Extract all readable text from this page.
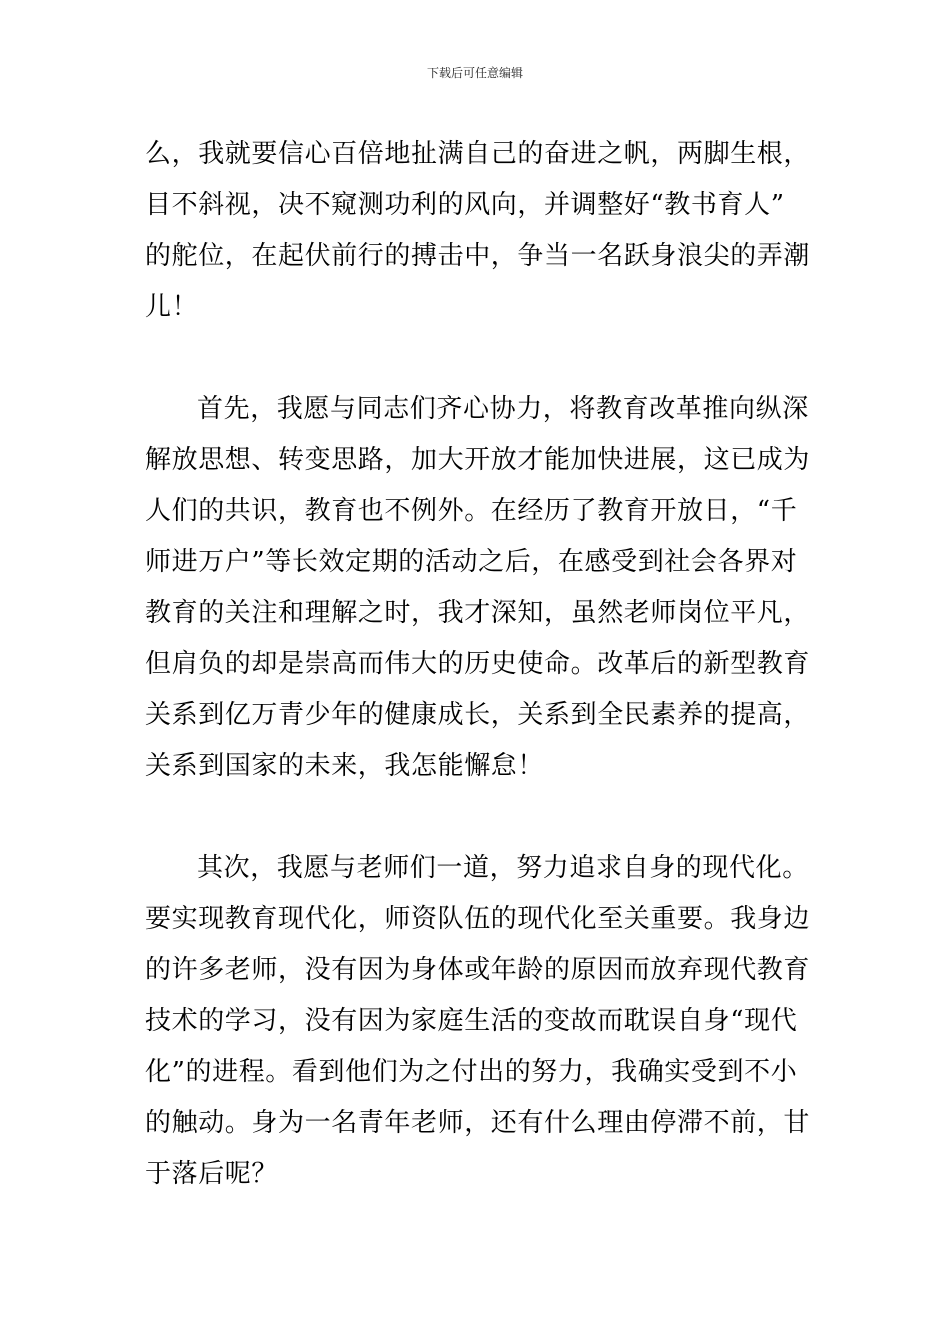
下载后可任意编辑
么，我就要信心百倍地扯满自己的奋进之帆，两脚生根，
目不斜视，决不窥测功利的风向，并调整好“教书育人”
的舵位，在起伏前行的搏击中，争当一名跃身浪尖的弄潮
儿！
首先，我愿与同志们齐心协力，将教育改革推向纵深
解放思想、转变思路，加大开放才能加快进展，这已成为
人们的共识，教育也不例外。在经历了教育开放日，“千
师进万户”等长效定期的活动之后，在感受到社会各界对
教育的关注和理解之时，我才深知，虽然老师岗位平凡，
但肩负的却是崇高而伟大的历史使命。改革后的新型教育
关系到亿万青少年的健康成长，关系到全民素养的提高，
关系到国家的未来，我怎能懈怠！
其次，我愿与老师们一道，努力追求自身的现代化。
要实现教育现代化，师资队伍的现代化至关重要。我身边
的许多老师，没有因为身体或年龄的原因而放弃现代教育
技术的学习，没有因为家庭生活的变故而耽误自身“现代
化”的进程。看到他们为之付出的努力，我确实受到不小
的触动。身为一名青年老师，还有什么理由停滞不前，甘
于落后呢？
